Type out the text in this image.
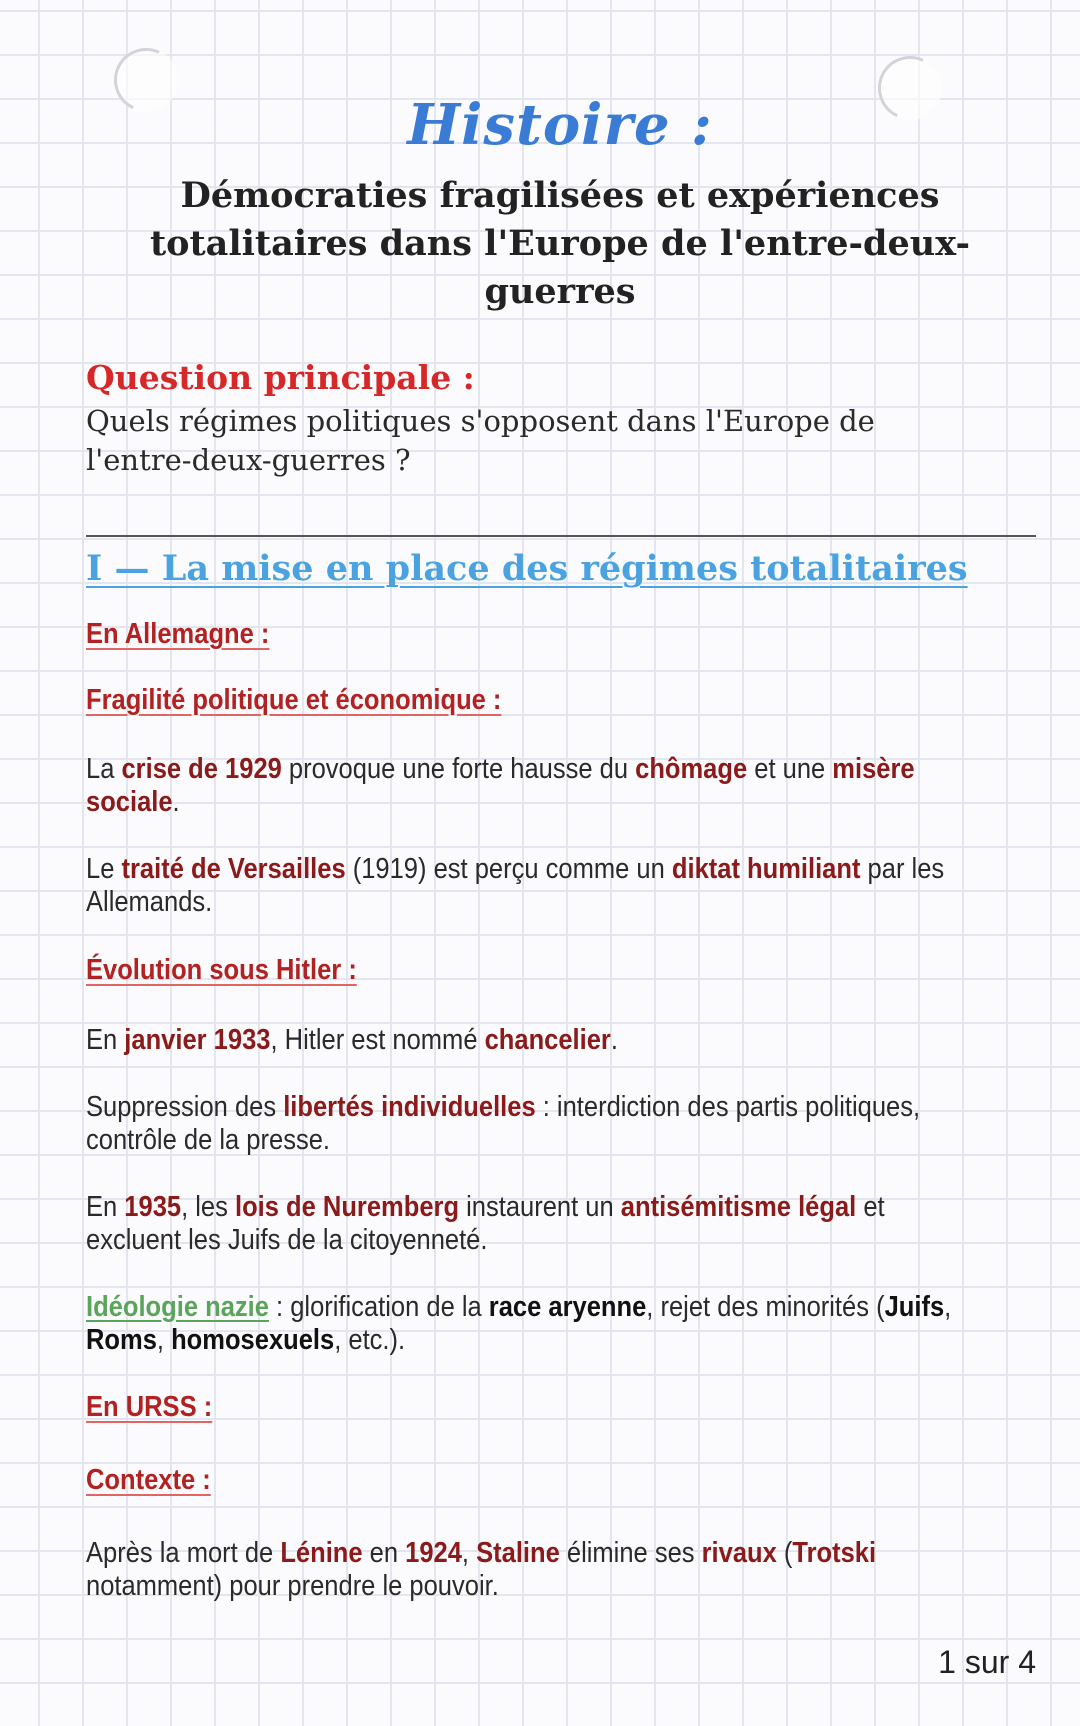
Histoire :
Démocraties fragilisées et expériences
totalitaires dans l'Europe de l'entre-deux-
guerres
Question principale :
Quels régimes politiques s'opposent dans l'Europe de
l'entre-deux-guerres ?
I — La mise en place des régimes totalitaires
En Allemagne :
Fragilité politique et économique :
La crise de 1929 provoque une forte hausse du chômage et une misère
sociale.
Le traité de Versailles (1919) est perçu comme un diktat humiliant par les
Allemands.
Évolution sous Hitler :
En janvier 1933, Hitler est nommé chancelier.
Suppression des libertés individuelles : interdiction des partis politiques,
contrôle de la presse.
En 1935, les lois de Nuremberg instaurent un antisémitisme légal et
excluent les Juifs de la citoyenneté.
Idéologie nazie : glorification de la race aryenne, rejet des minorités (Juifs,
Roms, homosexuels, etc.).
En URSS :
Contexte :
Après la mort de Lénine en 1924, Staline élimine ses rivaux (Trotski
notamment) pour prendre le pouvoir.
1 sur 4
